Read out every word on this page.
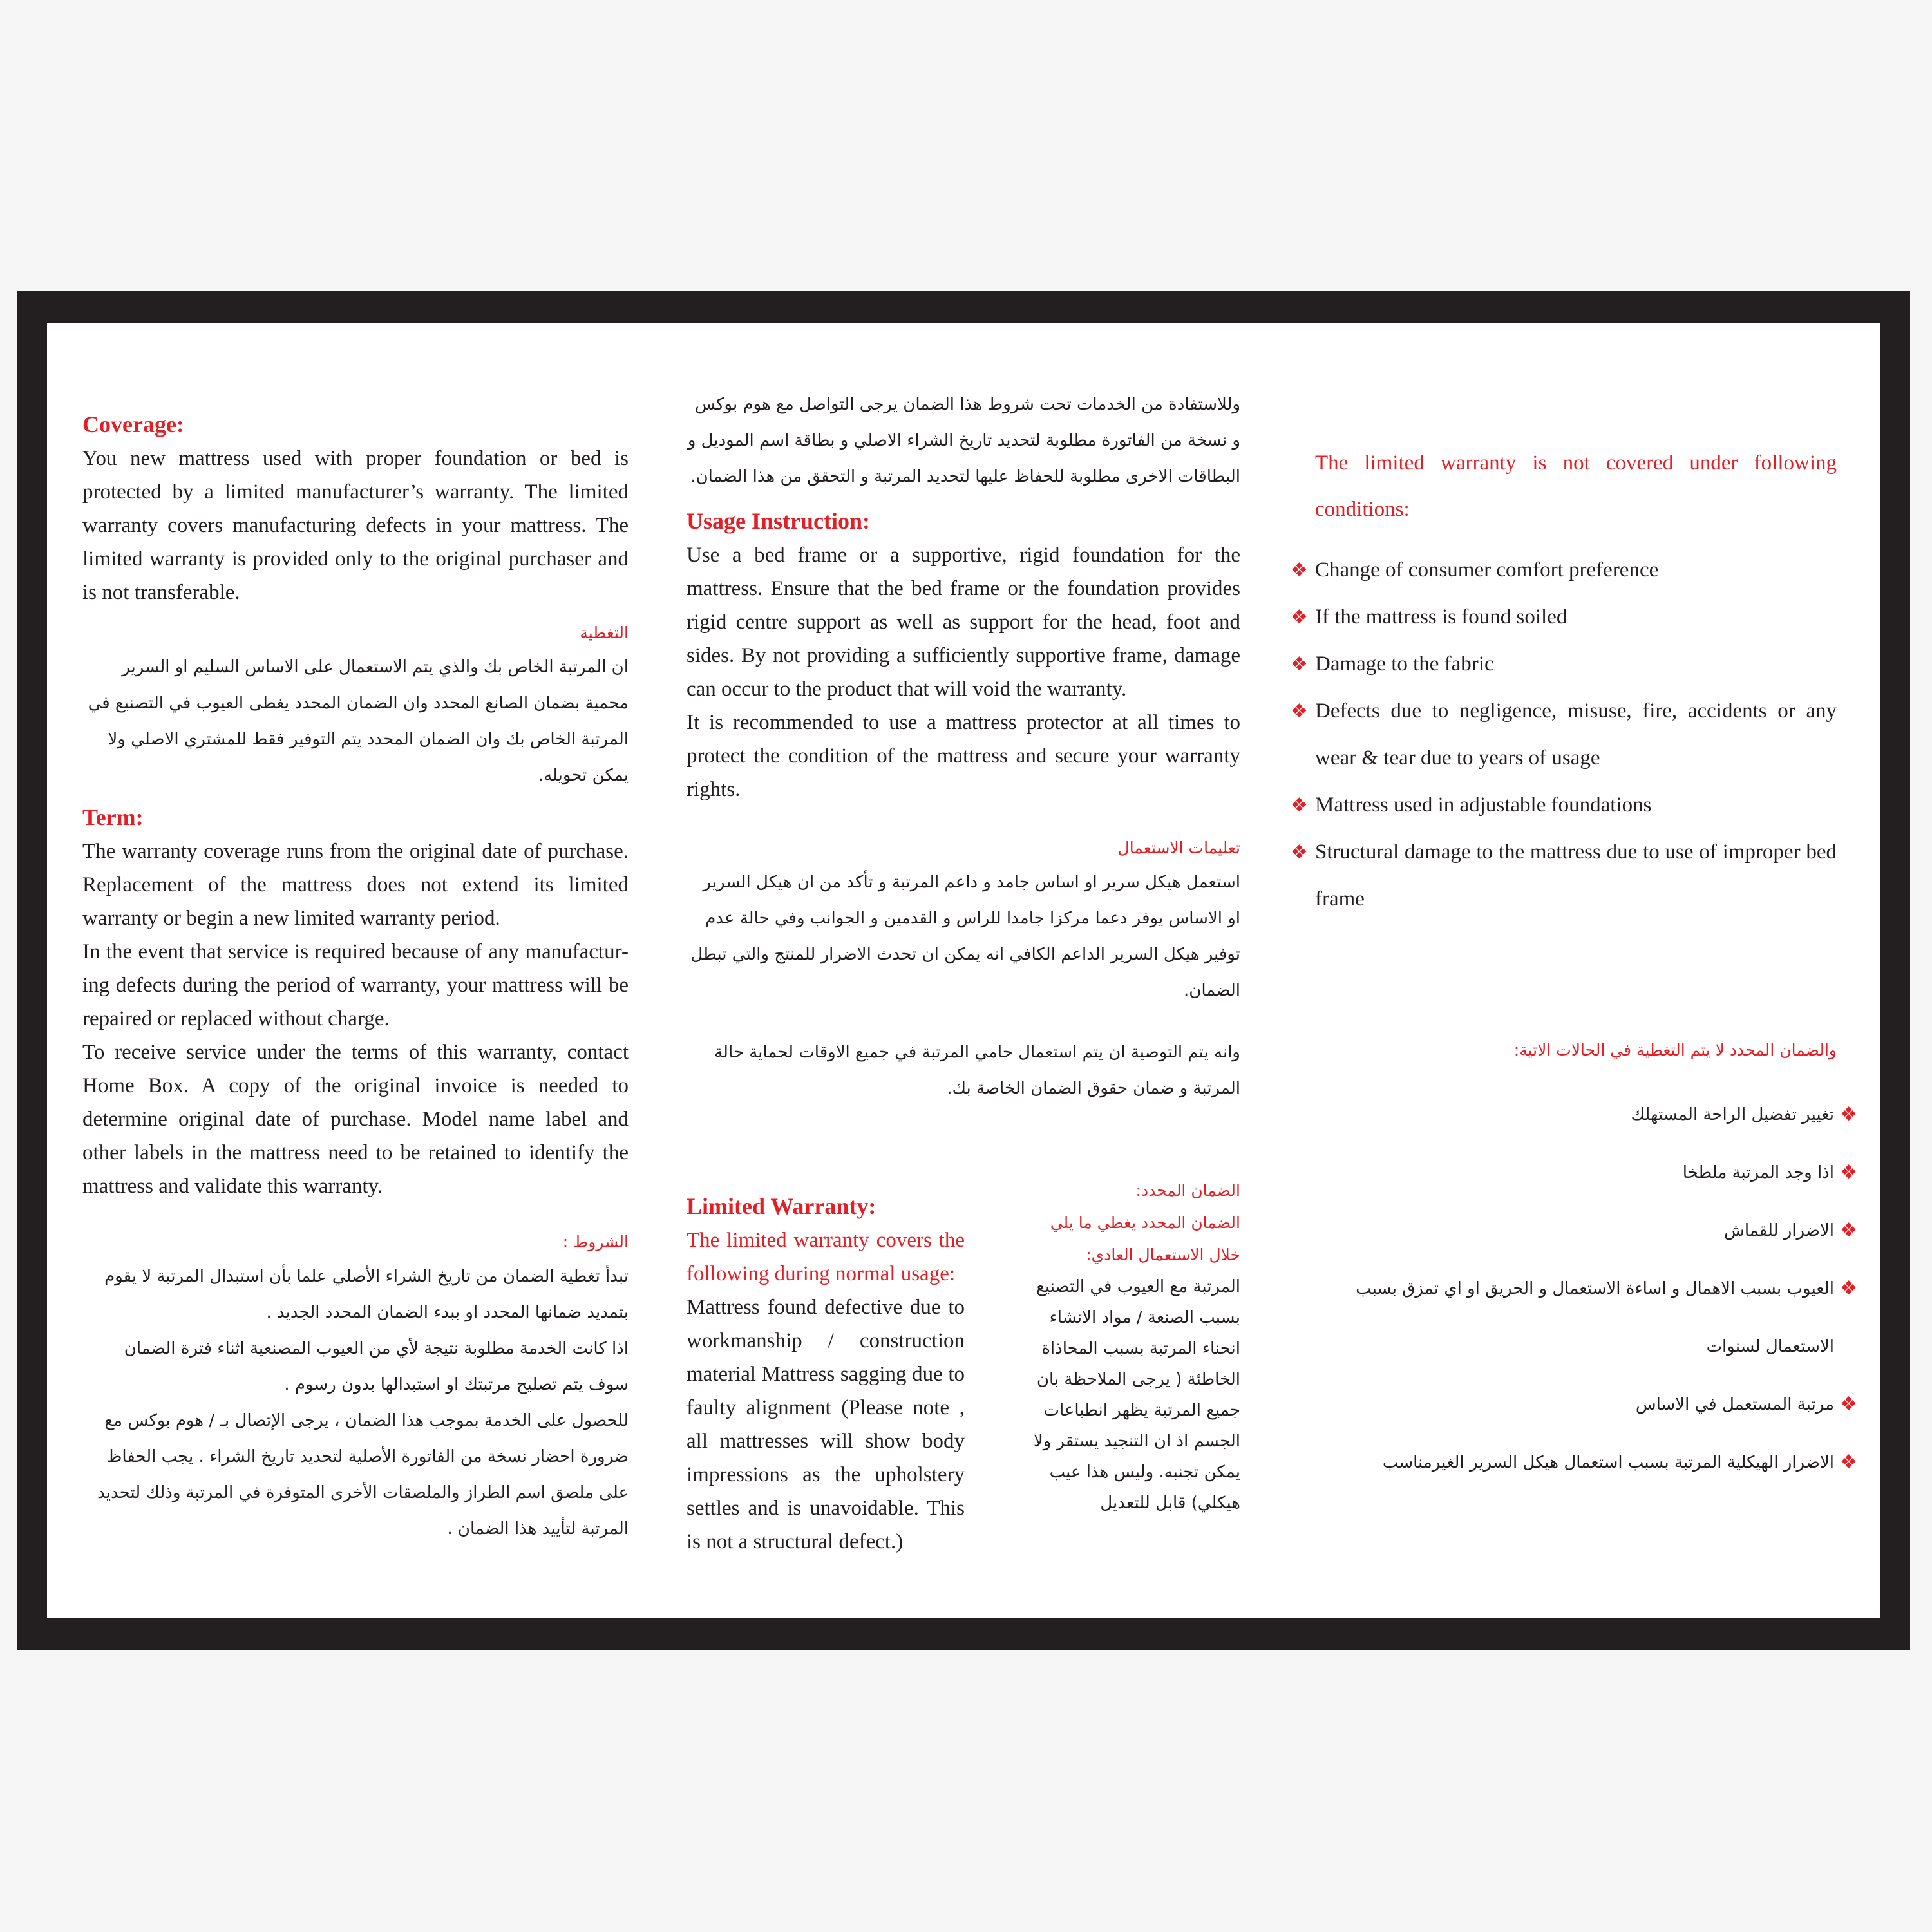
Coverage:

You new mattress used with proper foundation or bed is protected by a limited manufacturer’s warranty. The limited warranty covers manufacturing defects in your mattress. The limited warranty is provided only to the original purchaser and is not transferable.

التغطية

ان المرتبة الخاص بك والذي يتم الاستعمال على الاساس السليم او السرير محمية بضمان الصانع المحدد وان الضمان المحدد يغطى العيوب في التصنيع في المرتبة الخاص بك وان الضمان المحدد يتم التوفير فقط للمشتري الاصلي ولا يمكن تحويله.

Term:

The warranty coverage runs from the original date of purchase. Replacement of the mattress does not extend its limited warranty or begin a new limited warranty period.

In the event that service is required because of any manufactur-ing defects during the period of warranty, your mattress will be repaired or replaced without charge.

To receive service under the terms of this warranty, contact Home Box. A copy of the original invoice is needed to determine original date of purchase. Model name label and other labels in the mattress need to be retained to identify the mattress and validate this warranty.

الشروط :

تبدأ تغطية الضمان من تاريخ الشراء الأصلي علما بأن استبدال المرتبة لا يقوم بتمديد ضمانها المحدد او ببدء الضمان المحدد الجديد .

اذا كانت الخدمة مطلوبة نتيجة لأي من العيوب المصنعية اثناء فترة الضمان سوف يتم تصليح مرتبتك او استبدالها بدون رسوم .

للحصول على الخدمة بموجب هذا الضمان ، يرجى الإتصال بـ / هوم بوكس مع ضرورة احضار نسخة من الفاتورة الأصلية لتحديد تاريخ الشراء . يجب الحفاظ على ملصق اسم الطراز والملصقات الأخرى المتوفرة في المرتبة وذلك لتحديد المرتبة لتأييد هذا الضمان .

وللاستفادة من الخدمات تحت شروط هذا الضمان يرجى التواصل مع هوم بوكس و نسخة من الفاتورة مطلوبة لتحديد تاريخ الشراء الاصلي و بطاقة اسم الموديل و البطاقات الاخرى مطلوبة للحفاظ عليها لتحديد المرتبة و التحقق من هذا الضمان.

Usage Instruction:

Use a bed frame or a supportive, rigid foundation for the mattress. Ensure that the bed frame or the foundation provides rigid centre support as well as support for the head, foot and sides. By not providing a sufficiently supportive frame, damage can occur to the product that will void the warranty.

It is recommended to use a mattress protector at all times to protect the condition of the mattress and secure your warranty rights.

تعليمات الاستعمال

استعمل هيكل سرير او اساس جامد و داعم المرتبة و تأكد من ان هيكل السرير او الاساس يوفر دعما مركزا جامدا للراس و القدمين و الجوانب وفي حالة عدم توفير هيكل السرير الداعم الكافي انه يمكن ان تحدث الاضرار للمنتج والتي تبطل الضمان.

وانه يتم التوصية ان يتم استعمال حامي المرتبة في جميع الاوقات لحماية حالة المرتبة و ضمان حقوق الضمان الخاصة بك.

Limited Warranty:

The limited warranty covers the following during normal usage:

Mattress found defective due to workmanship / construction material Mattress sagging due to faulty alignment (Please note , all mattresses will show body impressions as the upholstery settles and is unavoidable. This is not a structural defect.)

الضمان المحدد:

الضمان المحدد يغطي ما يلي خلال الاستعمال العادي:

المرتبة مع العيوب في التصنيع بسبب الصنعة / مواد الانشاء انحناء المرتبة بسبب المحاذاة الخاطئة ( يرجى الملاحظة بان جميع المرتبة يظهر انطباعات الجسم اذ ان التنجيد يستقر ولا يمكن تجنبه. وليس هذا عيب هيكلي) قابل للتعديل

The limited warranty is not covered under following conditions:

❖ Change of consumer comfort preference
❖ If the mattress is found soiled
❖ Damage to the fabric
❖ Defects due to negligence, misuse, fire, accidents or any wear & tear due to years of usage
❖ Mattress used in adjustable foundations
❖ Structural damage to the mattress due to use of improper bed frame

والضمان المحدد لا يتم التغطية في الحالات الاتية:

❖
تغيير تفضيل الراحة المستهلك
❖
اذا وجد المرتبة ملطخا
❖
الاضرار للقماش
❖
العيوب بسبب الاهمال و اساءة الاستعمال و الحريق او اي تمزق بسبب الاستعمال لسنوات
❖
مرتبة المستعمل في الاساس
❖
الاضرار الهيكلية المرتبة بسبب استعمال هيكل السرير الغيرمناسب
